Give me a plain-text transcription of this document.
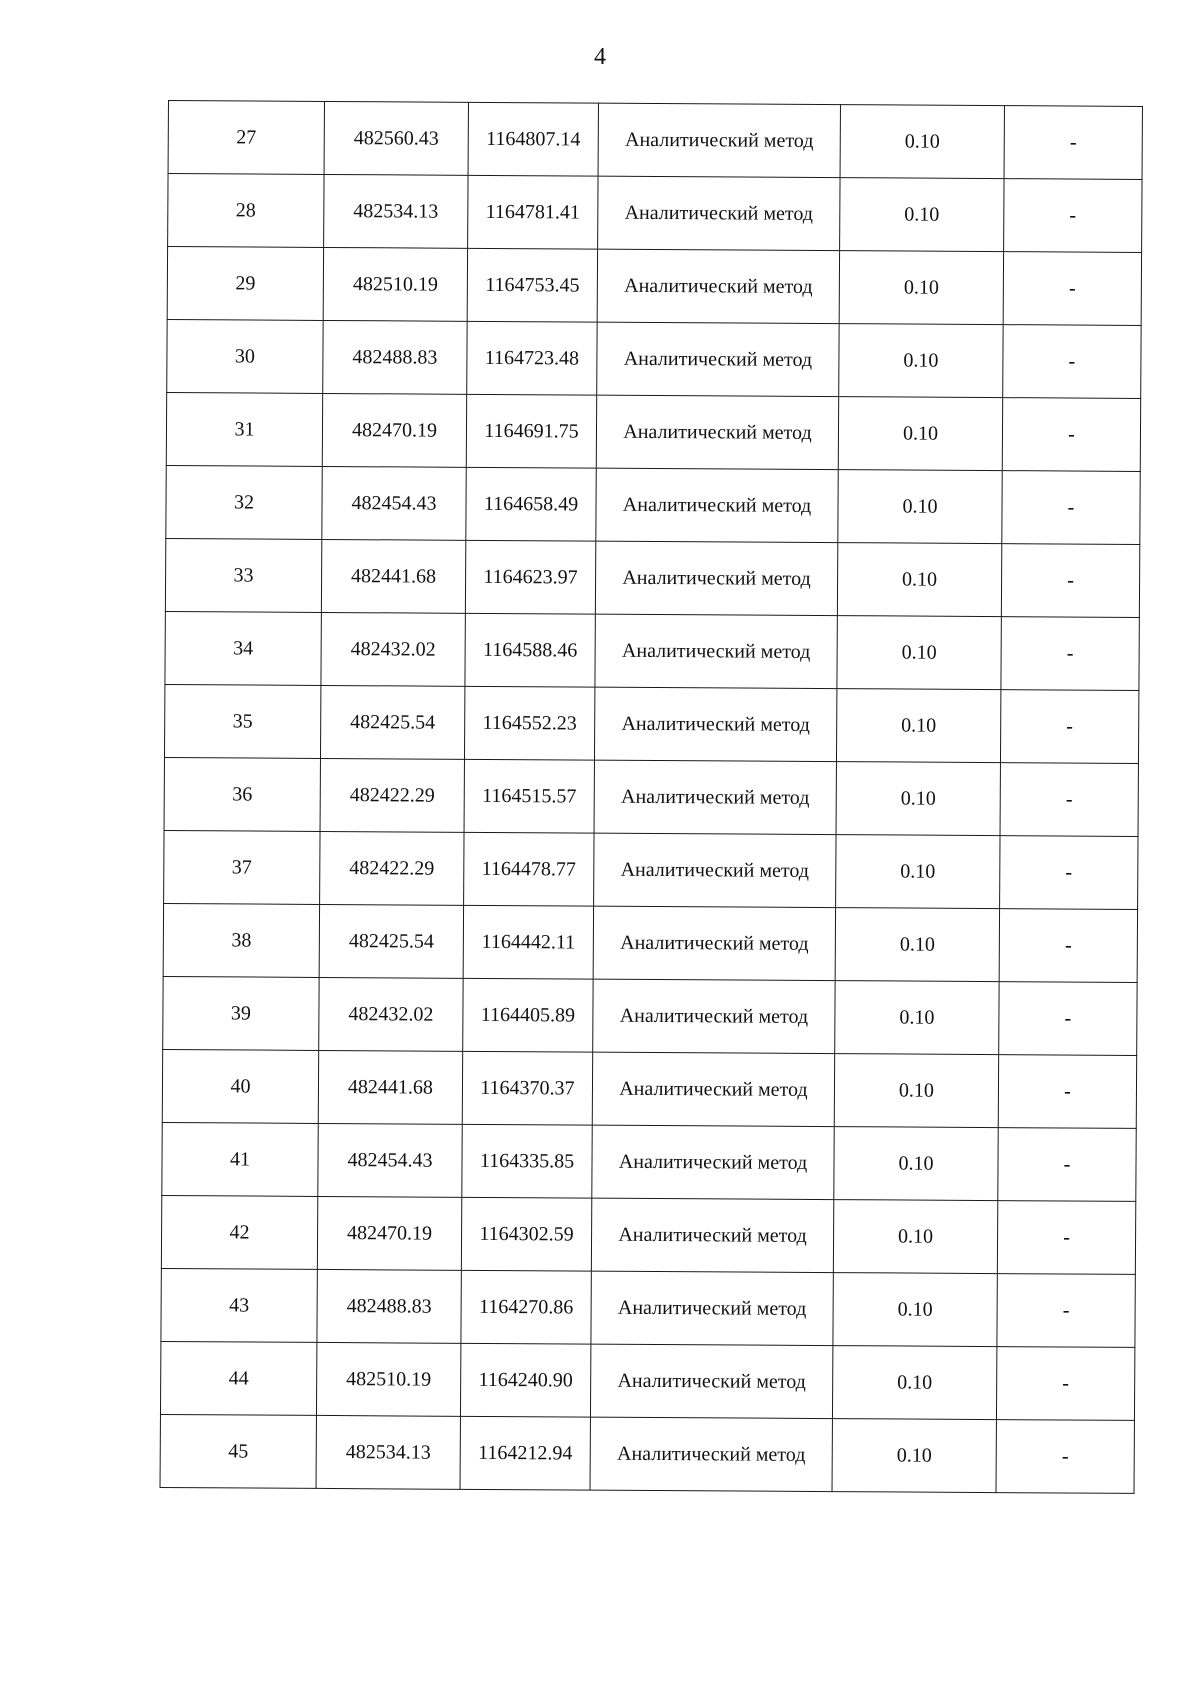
4
27	482560.43	1164807.14	Аналитический метод	0.10	-
28	482534.13	1164781.41	Аналитический метод	0.10	-
29	482510.19	1164753.45	Аналитический метод	0.10	-
30	482488.83	1164723.48	Аналитический метод	0.10	-
31	482470.19	1164691.75	Аналитический метод	0.10	-
32	482454.43	1164658.49	Аналитический метод	0.10	-
33	482441.68	1164623.97	Аналитический метод	0.10	-
34	482432.02	1164588.46	Аналитический метод	0.10	-
35	482425.54	1164552.23	Аналитический метод	0.10	-
36	482422.29	1164515.57	Аналитический метод	0.10	-
37	482422.29	1164478.77	Аналитический метод	0.10	-
38	482425.54	1164442.11	Аналитический метод	0.10	-
39	482432.02	1164405.89	Аналитический метод	0.10	-
40	482441.68	1164370.37	Аналитический метод	0.10	-
41	482454.43	1164335.85	Аналитический метод	0.10	-
42	482470.19	1164302.59	Аналитический метод	0.10	-
43	482488.83	1164270.86	Аналитический метод	0.10	-
44	482510.19	1164240.90	Аналитический метод	0.10	-
45	482534.13	1164212.94	Аналитический метод	0.10	-
